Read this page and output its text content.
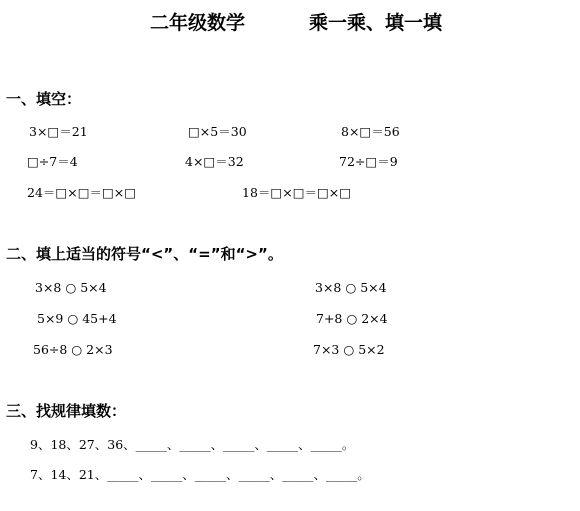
二年级数学	乘一乘、填一填
一、填空：
3×□＝21	□×5＝30	8×□＝56
□÷7＝4	4×□＝32	72÷□＝9
24＝□×□＝□×□	18＝□×□＝□×□
二、填上适当的符号“<”、“=”和“>”。
3×8 ○ 5×4	3×8 ○ 5×4
5×9 ○ 45+4	7+8 ○ 2×4
56÷8 ○ 2×3	7×3 ○ 5×2
三、找规律填数：
9、18、27、36、_____、_____、_____、_____、_____。
7、14、21、_____、_____、_____、_____、_____、_____。
